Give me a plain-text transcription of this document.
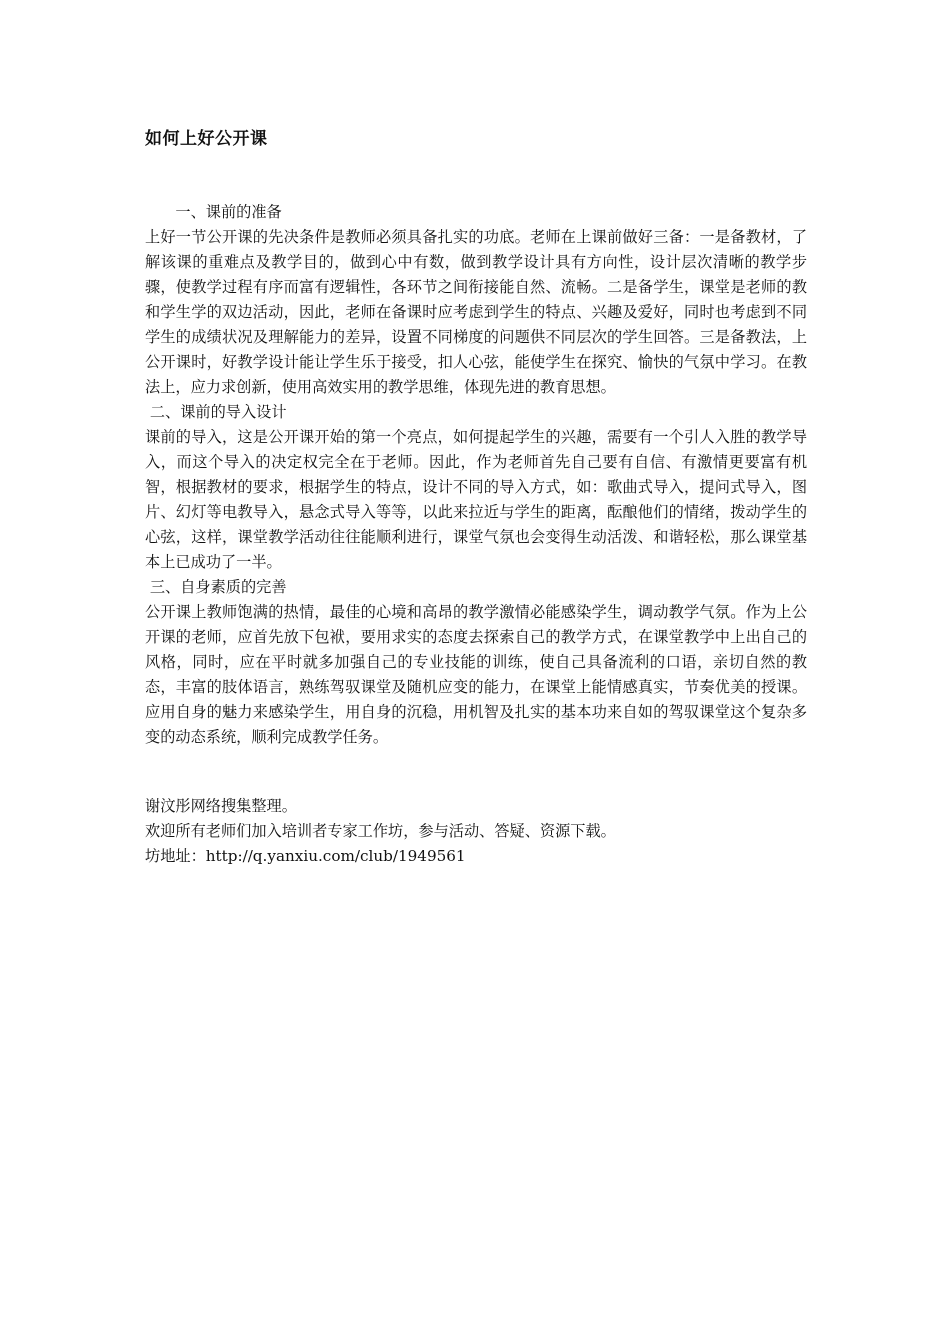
如何上好公开课

　　一、课前的准备

上好一节公开课的先决条件是教师必须具备扎实的功底。老师在上课前做好三备：一是备教材，了解该课的重难点及教学目的，做到心中有数，做到教学设计具有方向性，设计层次清晰的教学步骤，使教学过程有序而富有逻辑性，各环节之间衔接能自然、流畅。二是备学生，课堂是老师的教和学生学的双边活动，因此，老师在备课时应考虑到学生的特点、兴趣及爱好，同时也考虑到不同学生的成绩状况及理解能力的差异，设置不同梯度的问题供不同层次的学生回答。三是备教法，上公开课时，好教学设计能让学生乐于接受，扣人心弦，能使学生在探究、愉快的气氛中学习。在教法上，应力求创新，使用高效实用的教学思维，体现先进的教育思想。

二、课前的导入设计

课前的导入，这是公开课开始的第一个亮点，如何提起学生的兴趣，需要有一个引人入胜的教学导入，而这个导入的决定权完全在于老师。因此，作为老师首先自己要有自信、有激情更要富有机智，根据教材的要求，根据学生的特点，设计不同的导入方式，如：歌曲式导入，提问式导入，图片、幻灯等电教导入，悬念式导入等等，以此来拉近与学生的距离，酝酿他们的情绪，拨动学生的心弦，这样，课堂教学活动往往能顺利进行，课堂气氛也会变得生动活泼、和谐轻松，那么课堂基本上已成功了一半。

三、自身素质的完善

公开课上教师饱满的热情，最佳的心境和高昂的教学激情必能感染学生，调动教学气氛。作为上公开课的老师，应首先放下包袱，要用求实的态度去探索自己的教学方式，在课堂教学中上出自己的风格，同时，应在平时就多加强自己的专业技能的训练，使自己具备流利的口语，亲切自然的教态，丰富的肢体语言，熟练驾驭课堂及随机应变的能力，在课堂上能情感真实，节奏优美的授课。应用自身的魅力来感染学生，用自身的沉稳，用机智及扎实的基本功来自如的驾驭课堂这个复杂多变的动态系统，顺利完成教学任务。

谢汶彤网络搜集整理。

欢迎所有老师们加入培训者专家工作坊，参与活动、答疑、资源下载。

坊地址：http://q.yanxiu.com/club/1949561
